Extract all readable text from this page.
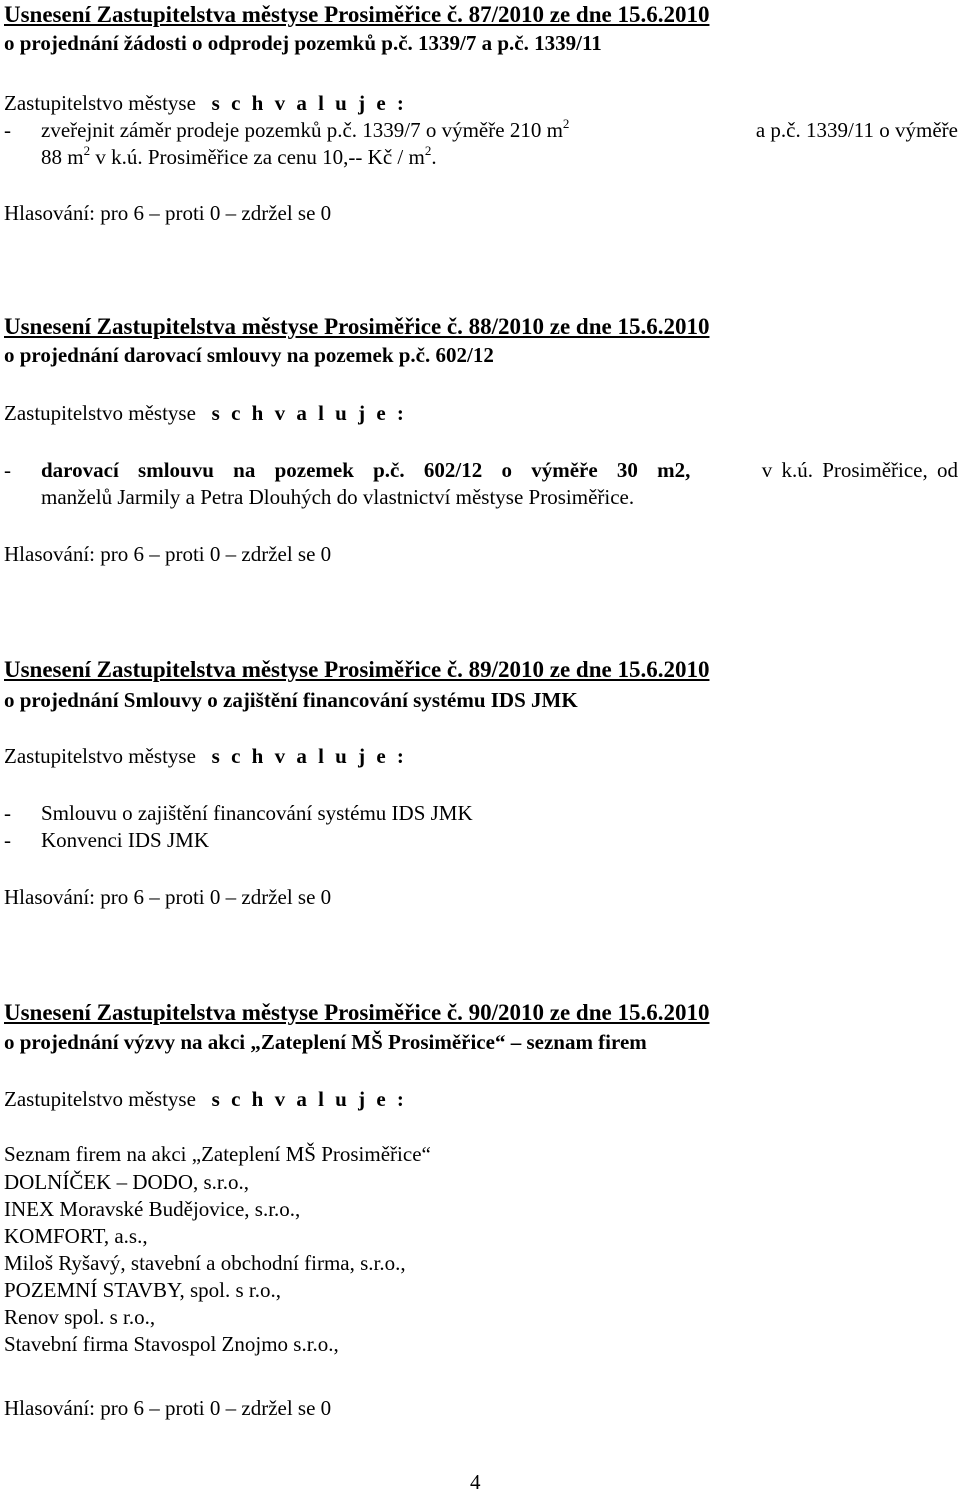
Usnesení Zastupitelstva městyse Prosiměřice č. 87/2010 ze dne 15.6.2010
o projednání žádosti o odprodej pozemků p.č. 1339/7 a p.č. 1339/11
Zastupitelstvo městyse s c h v a l u j e :
-	zveřejnit záměr prodeje pozemků p.č. 1339/7 o výměře 210 $m^2$	a p.č. 1339/11 o výměře
88 $m^2$ v k.ú. Prosiměřice za cenu 10,-- Kč / $m^2$.
Hlasování: pro 6 – proti 0 – zdržel se 0
Usnesení Zastupitelstva městyse Prosiměřice č. 88/2010 ze dne 15.6.2010
o projednání darovací smlouvy na pozemek p.č. 602/12
Zastupitelstvo městyse s c h v a l u j e :
-	darovací smlouvu na pozemek p.č. 602/12 o výměře 30 m2,	v k.ú. Prosiměřice, od
manželů Jarmily a Petra Dlouhých do vlastnictví městyse Prosiměřice.
Hlasování: pro 6 – proti 0 – zdržel se 0
Usnesení Zastupitelstva městyse Prosiměřice č. 89/2010 ze dne 15.6.2010
o projednání Smlouvy o zajištění financování systému IDS JMK
Zastupitelstvo městyse s c h v a l u j e :
-	Smlouvu o zajištění financování systému IDS JMK
-	Konvenci IDS JMK
Hlasování: pro 6 – proti 0 – zdržel se 0
Usnesení Zastupitelstva městyse Prosiměřice č. 90/2010 ze dne 15.6.2010
o projednání výzvy na akci „Zateplení MŠ Prosiměřice“ – seznam firem
Zastupitelstvo městyse s c h v a l u j e :
Seznam firem na akci „Zateplení MŠ Prosiměřice“
DOLNÍČEK – DODO, s.r.o.,
INEX Moravské Budějovice, s.r.o.,
KOMFORT, a.s.,
Miloš Ryšavý, stavební a obchodní firma, s.r.o.,
POZEMNÍ STAVBY, spol. s r.o.,
Renov spol. s r.o.,
Stavební firma Stavospol Znojmo s.r.o.,
Hlasování: pro 6 – proti 0 – zdržel se 0
4
